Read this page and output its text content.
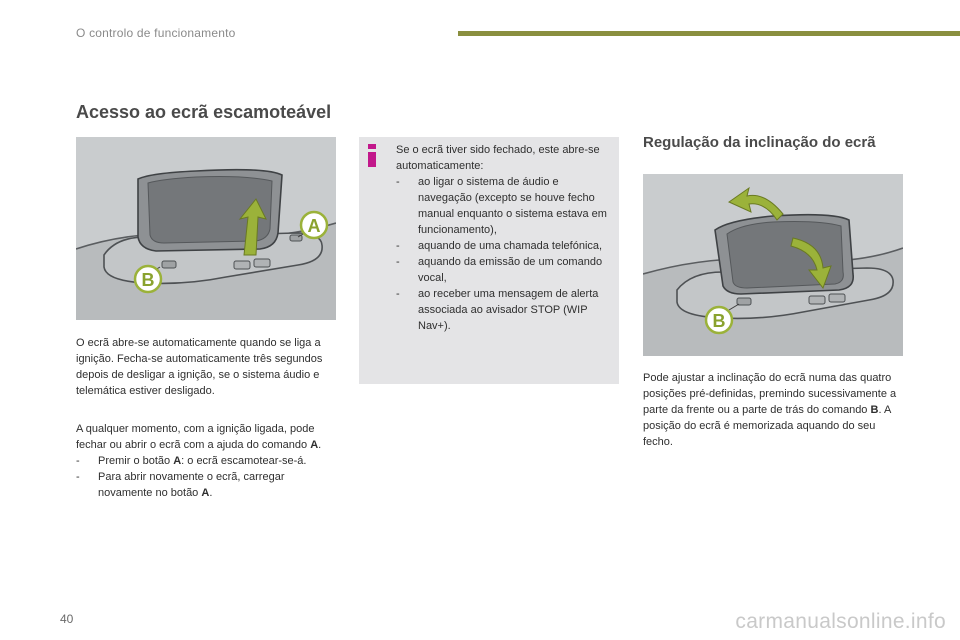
O controlo de funcionamento
Acesso ao ecrã escamoteável
A
B
O ecrã abre-se automaticamente quando se liga a ignição. Fecha-se automaticamente três segundos depois de desligar a ignição, se o sistema áudio e telemática estiver desligado.
A qualquer momento, com a ignição ligada, pode fechar ou abrir o ecrã com a ajuda do comando A.
-	Premir o botão A: o ecrã escamotear-se-á.
-	Para abrir novamente o ecrã, carregar novamente no botão A.
Se o ecrã tiver sido fechado, este abre-se automaticamente:
-	ao ligar o sistema de áudio e navegação (excepto se houve fecho manual enquanto o sistema estava em funcionamento),
-	aquando de uma chamada telefónica,
-	aquando da emissão de um comando vocal,
-	ao receber uma mensagem de alerta associada ao avisador STOP (WIP Nav+).
Regulação da inclinação do ecrã
B
Pode ajustar a inclinação do ecrã numa das quatro posições pré-definidas, premindo sucessivamente a parte da frente ou a parte de trás do comando B. A posição do ecrã é memorizada aquando do seu fecho.
40	carmanualsonline.info
